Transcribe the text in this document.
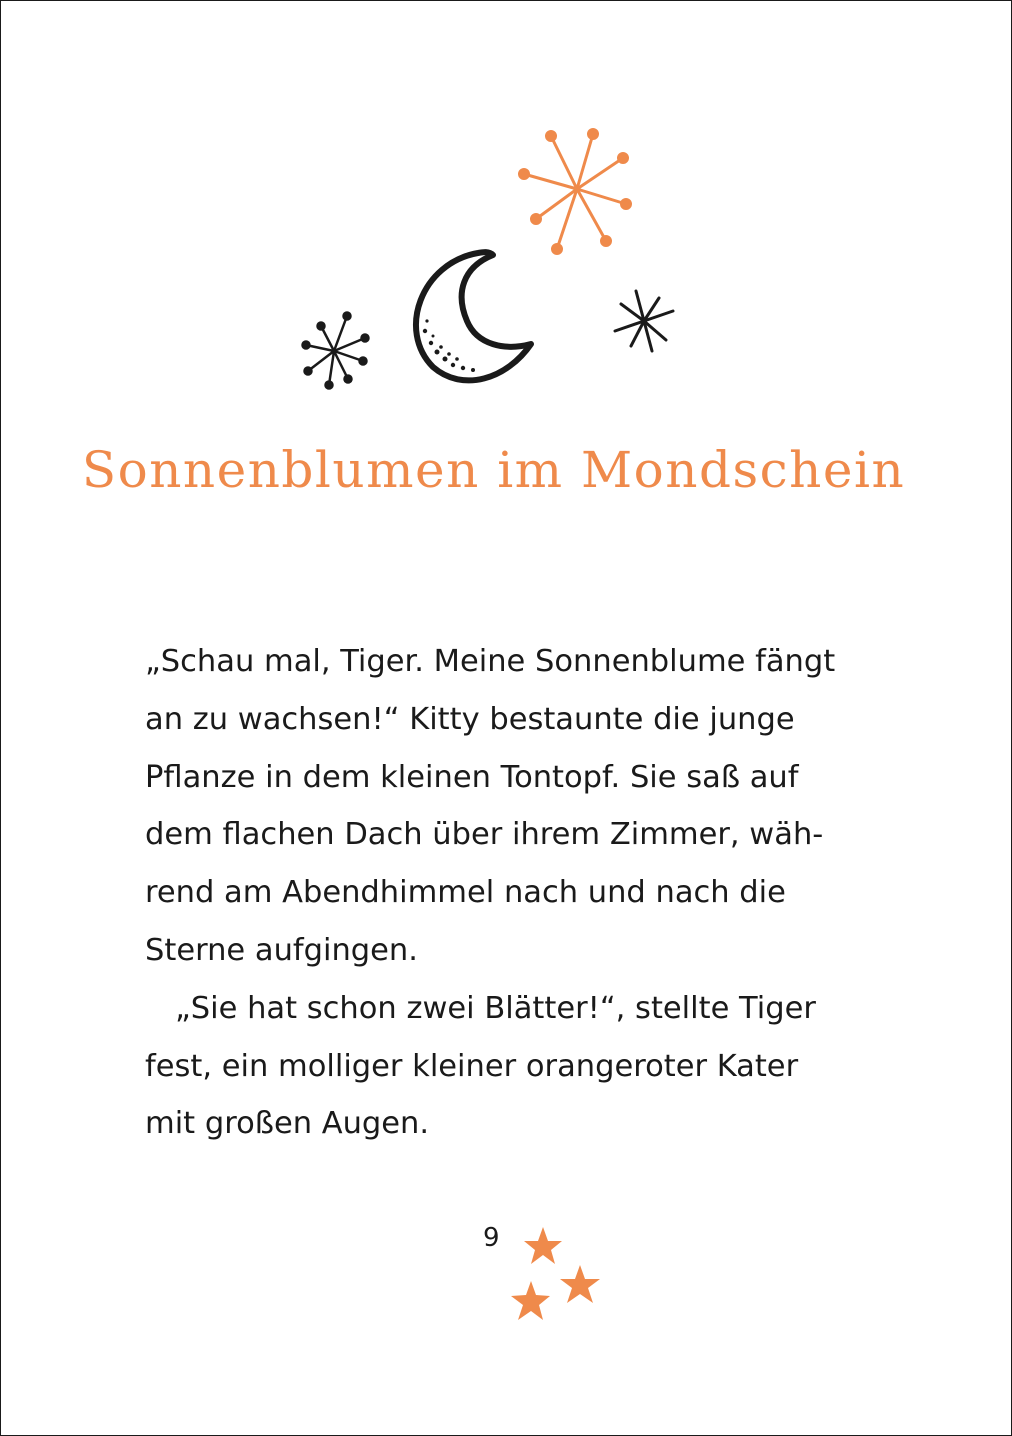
Sonnenblumen im Mondschein
„Schau mal, Tiger. Meine Sonnenblume fängt
an zu wachsen!“ Kitty bestaunte die junge
Pflanze in dem kleinen Tontopf. Sie saß auf
dem flachen Dach über ihrem Zimmer, wäh-
rend am Abendhimmel nach und nach die
Sterne aufgingen.
„Sie hat schon zwei Blätter!“, stellte Tiger
fest, ein molliger kleiner orangeroter Kater
mit großen Augen.
9
